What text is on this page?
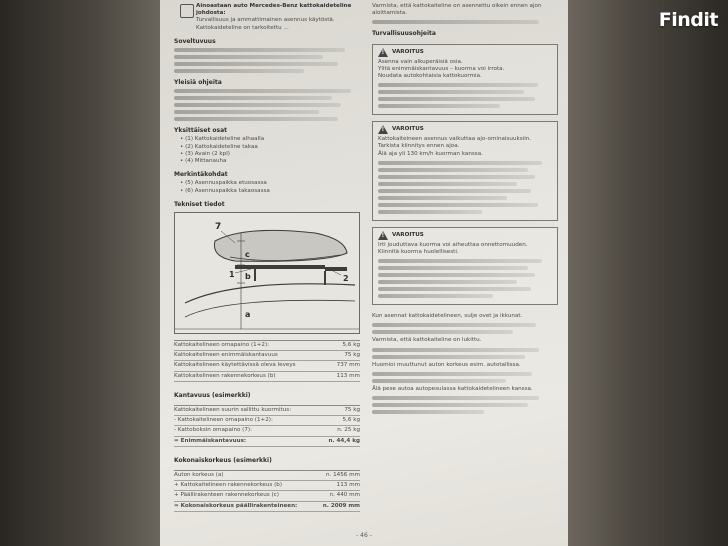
Ainoastaan auto Mercedes-Benz kattokaideteline johdosta:
Turvallisuus ja ammattimainen asennus käytöstä.
Kattokaideteline on tarkoitettu ...
Soveltuvuus
Yleisiä ohjeita
Yksittäiset osat
• (1) Kattokaideteline alhaalla
• (2) Kattokaideteline takaa
• (3) Avain (2 kpl)
• (4) Mittanauha
Merkintäkohdat
• (5) Asennuspaikka etuosassa
• (6) Asennuspaikka takaosassa
Tekniset tiedot
7
1	2
c
b
a
Kattokaitelineen omapaino (1+2):	5,6 kg
Kattokaitelineen enimmäiskantavuus	75 kg
Kattokaitelineen käytettävissä oleva leveys	737 mm
Kattokaitelineen rakennekorkeus (b)	113 mm
Kantavuus (esimerkki)
Kattokaitelineen suurin sallittu kuormitus:	75 kg
- Kattokaitelineen omapaino (1+2):	5,6 kg
- Kattoboksin omapaino (7):	n. 25 kg
= Enimmäiskantavuus:	n. 44,4 kg
Kokonaiskorkeus (esimerkki)
Auton korkeus (a)	n. 1456 mm
+ Kattokaitelineen rakennekorkeus (b)	113 mm
+ Päällirakenteen rakennekorkeus (c)	n. 440 mm
= Kokonaiskorkeus päällirakenteineen:	n. 2009 mm
Varmista, että kattokaiteline on asennettu oikein ennen ajon aloittamista.
Turvallisuusohjeita
!
VAROITUS
Asenna vain alkuperäisiä osia.
Ylitä enimmäiskantavuus – kuorma voi irrota.
Noudata autokohtaisia kattokuormia.
!
VAROITUS
Kattokaiteineen asennus vaikuttaa ajo-ominaisuuksiin.
Tarkista kiinnitys ennen ajoa.
Älä aja yli 130 km/h kuorman kanssa.
!
VAROITUS
Irti jouduttava kuorma voi aiheuttaa onnettomuuden.
Kiinnitä kuorma huolellisesti.
Kun asennat kattokaidetelineen, sulje ovet ja ikkunat.
Varmista, että kattokaiteline on lukittu.
Huomioi muuttunut auton korkeus esim. autotallissa.
Älä pese autoa autopesulassa kattokaidetelineen kanssa.
- 46 -
Findit
